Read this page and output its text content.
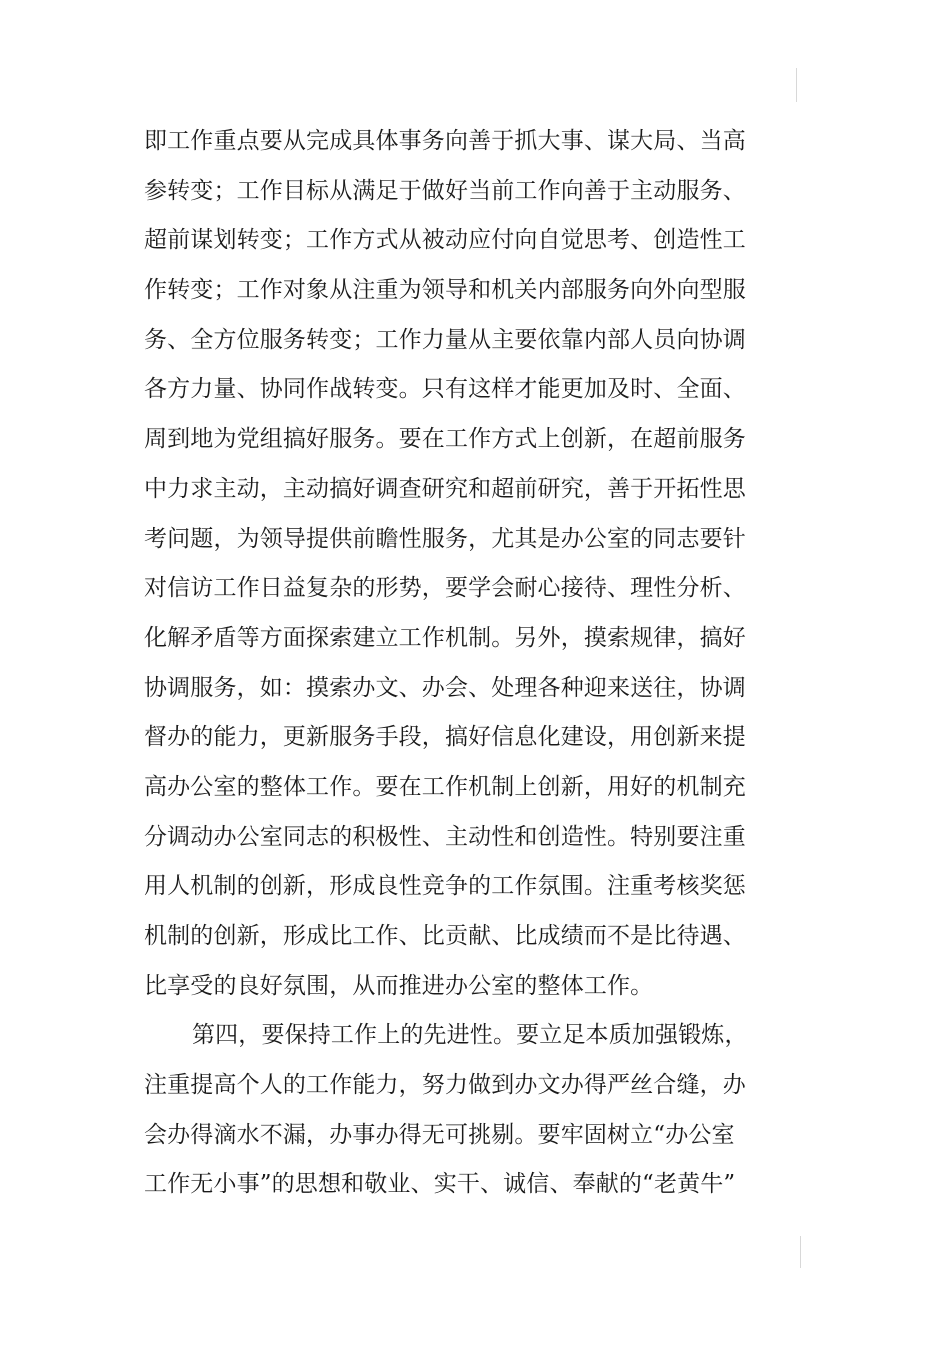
即工作重点要从完成具体事务向善于抓大事、谋大局、当高
参转变；工作目标从满足于做好当前工作向善于主动服务、
超前谋划转变；工作方式从被动应付向自觉思考、创造性工
作转变；工作对象从注重为领导和机关内部服务向外向型服
务、全方位服务转变；工作力量从主要依靠内部人员向协调
各方力量、协同作战转变。只有这样才能更加及时、全面、
周到地为党组搞好服务。要在工作方式上创新，在超前服务
中力求主动，主动搞好调查研究和超前研究，善于开拓性思
考问题，为领导提供前瞻性服务，尤其是办公室的同志要针
对信访工作日益复杂的形势，要学会耐心接待、理性分析、
化解矛盾等方面探索建立工作机制。另外，摸索规律，搞好
协调服务，如：摸索办文、办会、处理各种迎来送往，协调
督办的能力，更新服务手段，搞好信息化建设，用创新来提
高办公室的整体工作。要在工作机制上创新，用好的机制充
分调动办公室同志的积极性、主动性和创造性。特别要注重
用人机制的创新，形成良性竞争的工作氛围。注重考核奖惩
机制的创新，形成比工作、比贡献、比成绩而不是比待遇、
比享受的良好氛围，从而推进办公室的整体工作。
第四，要保持工作上的先进性。要立足本质加强锻炼，
注重提高个人的工作能力，努力做到办文办得严丝合缝，办
会办得滴水不漏，办事办得无可挑剔。要牢固树立“办公室
工作无小事”的思想和敬业、实干、诚信、奉献的“老黄牛”
